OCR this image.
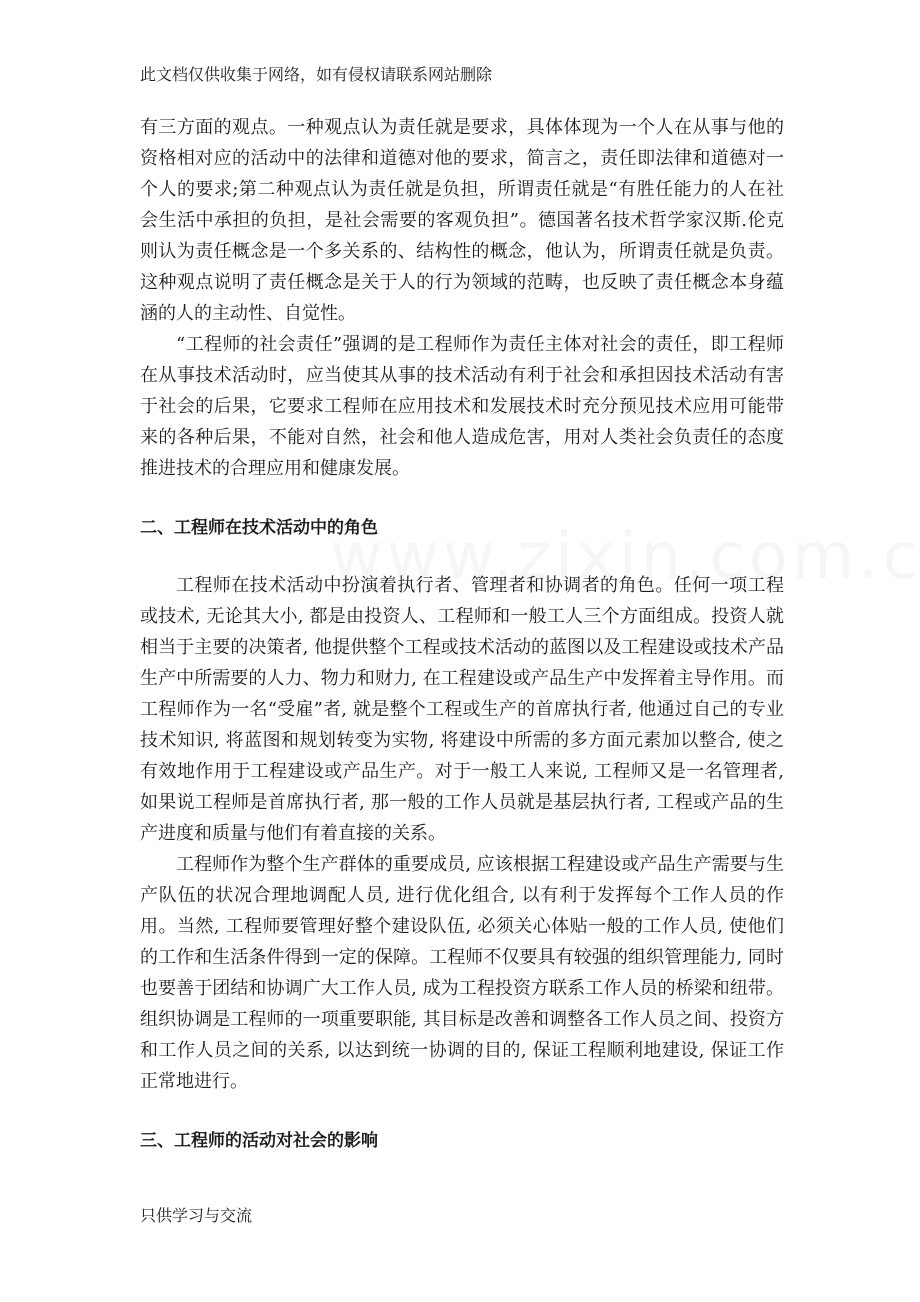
此文档仅供收集于网络，如有侵权请联系网站删除

有三方面的观点。一种观点认为责任就是要求，具体体现为一个人在从事与他的资格相对应的活动中的法律和道德对他的要求，简言之，责任即法律和道德对一个人的要求;第二种观点认为责任就是负担，所谓责任就是“有胜任能力的人在社会生活中承担的负担，是社会需要的客观负担”。德国著名技术哲学家汉斯.伦克则认为责任概念是一个多关系的、结构性的概念，他认为，所谓责任就是负责。这种观点说明了责任概念是关于人的行为领域的范畴，也反映了责任概念本身蕴涵的人的主动性、自觉性。

“工程师的社会责任”强调的是工程师作为责任主体对社会的责任，即工程师在从事技术活动时，应当使其从事的技术活动有利于社会和承担因技术活动有害于社会的后果，它要求工程师在应用技术和发展技术时充分预见技术应用可能带来的各种后果，不能对自然，社会和他人造成危害，用对人类社会负责任的态度推进技术的合理应用和健康发展。

二、工程师在技术活动中的角色

工程师在技术活动中扮演着执行者、管理者和协调者的角色。任何一项工程或技术, 无论其大小, 都是由投资人、工程师和一般工人三个方面组成。投资人就相当于主要的决策者, 他提供整个工程或技术活动的蓝图以及工程建设或技术产品生产中所需要的人力、物力和财力, 在工程建设或产品生产中发挥着主导作用。而工程师作为一名“受雇”者, 就是整个工程或生产的首席执行者, 他通过自己的专业技术知识, 将蓝图和规划转变为实物, 将建设中所需的多方面元素加以整合, 使之有效地作用于工程建设或产品生产。对于一般工人来说, 工程师又是一名管理者, 如果说工程师是首席执行者, 那一般的工作人员就是基层执行者, 工程或产品的生产进度和质量与他们有着直接的关系。

工程师作为整个生产群体的重要成员, 应该根据工程建设或产品生产需要与生产队伍的状况合理地调配人员, 进行优化组合, 以有利于发挥每个工作人员的作用。当然, 工程师要管理好整个建设队伍, 必须关心体贴一般的工作人员, 使他们的工作和生活条件得到一定的保障。工程师不仅要具有较强的组织管理能力, 同时也要善于团结和协调广大工作人员, 成为工程投资方联系工作人员的桥梁和纽带。组织协调是工程师的一项重要职能, 其目标是改善和调整各工作人员之间、投资方和工作人员之间的关系, 以达到统一协调的目的, 保证工程顺利地建设, 保证工作正常地进行。

三、工程师的活动对社会的影响
只供学习与交流
